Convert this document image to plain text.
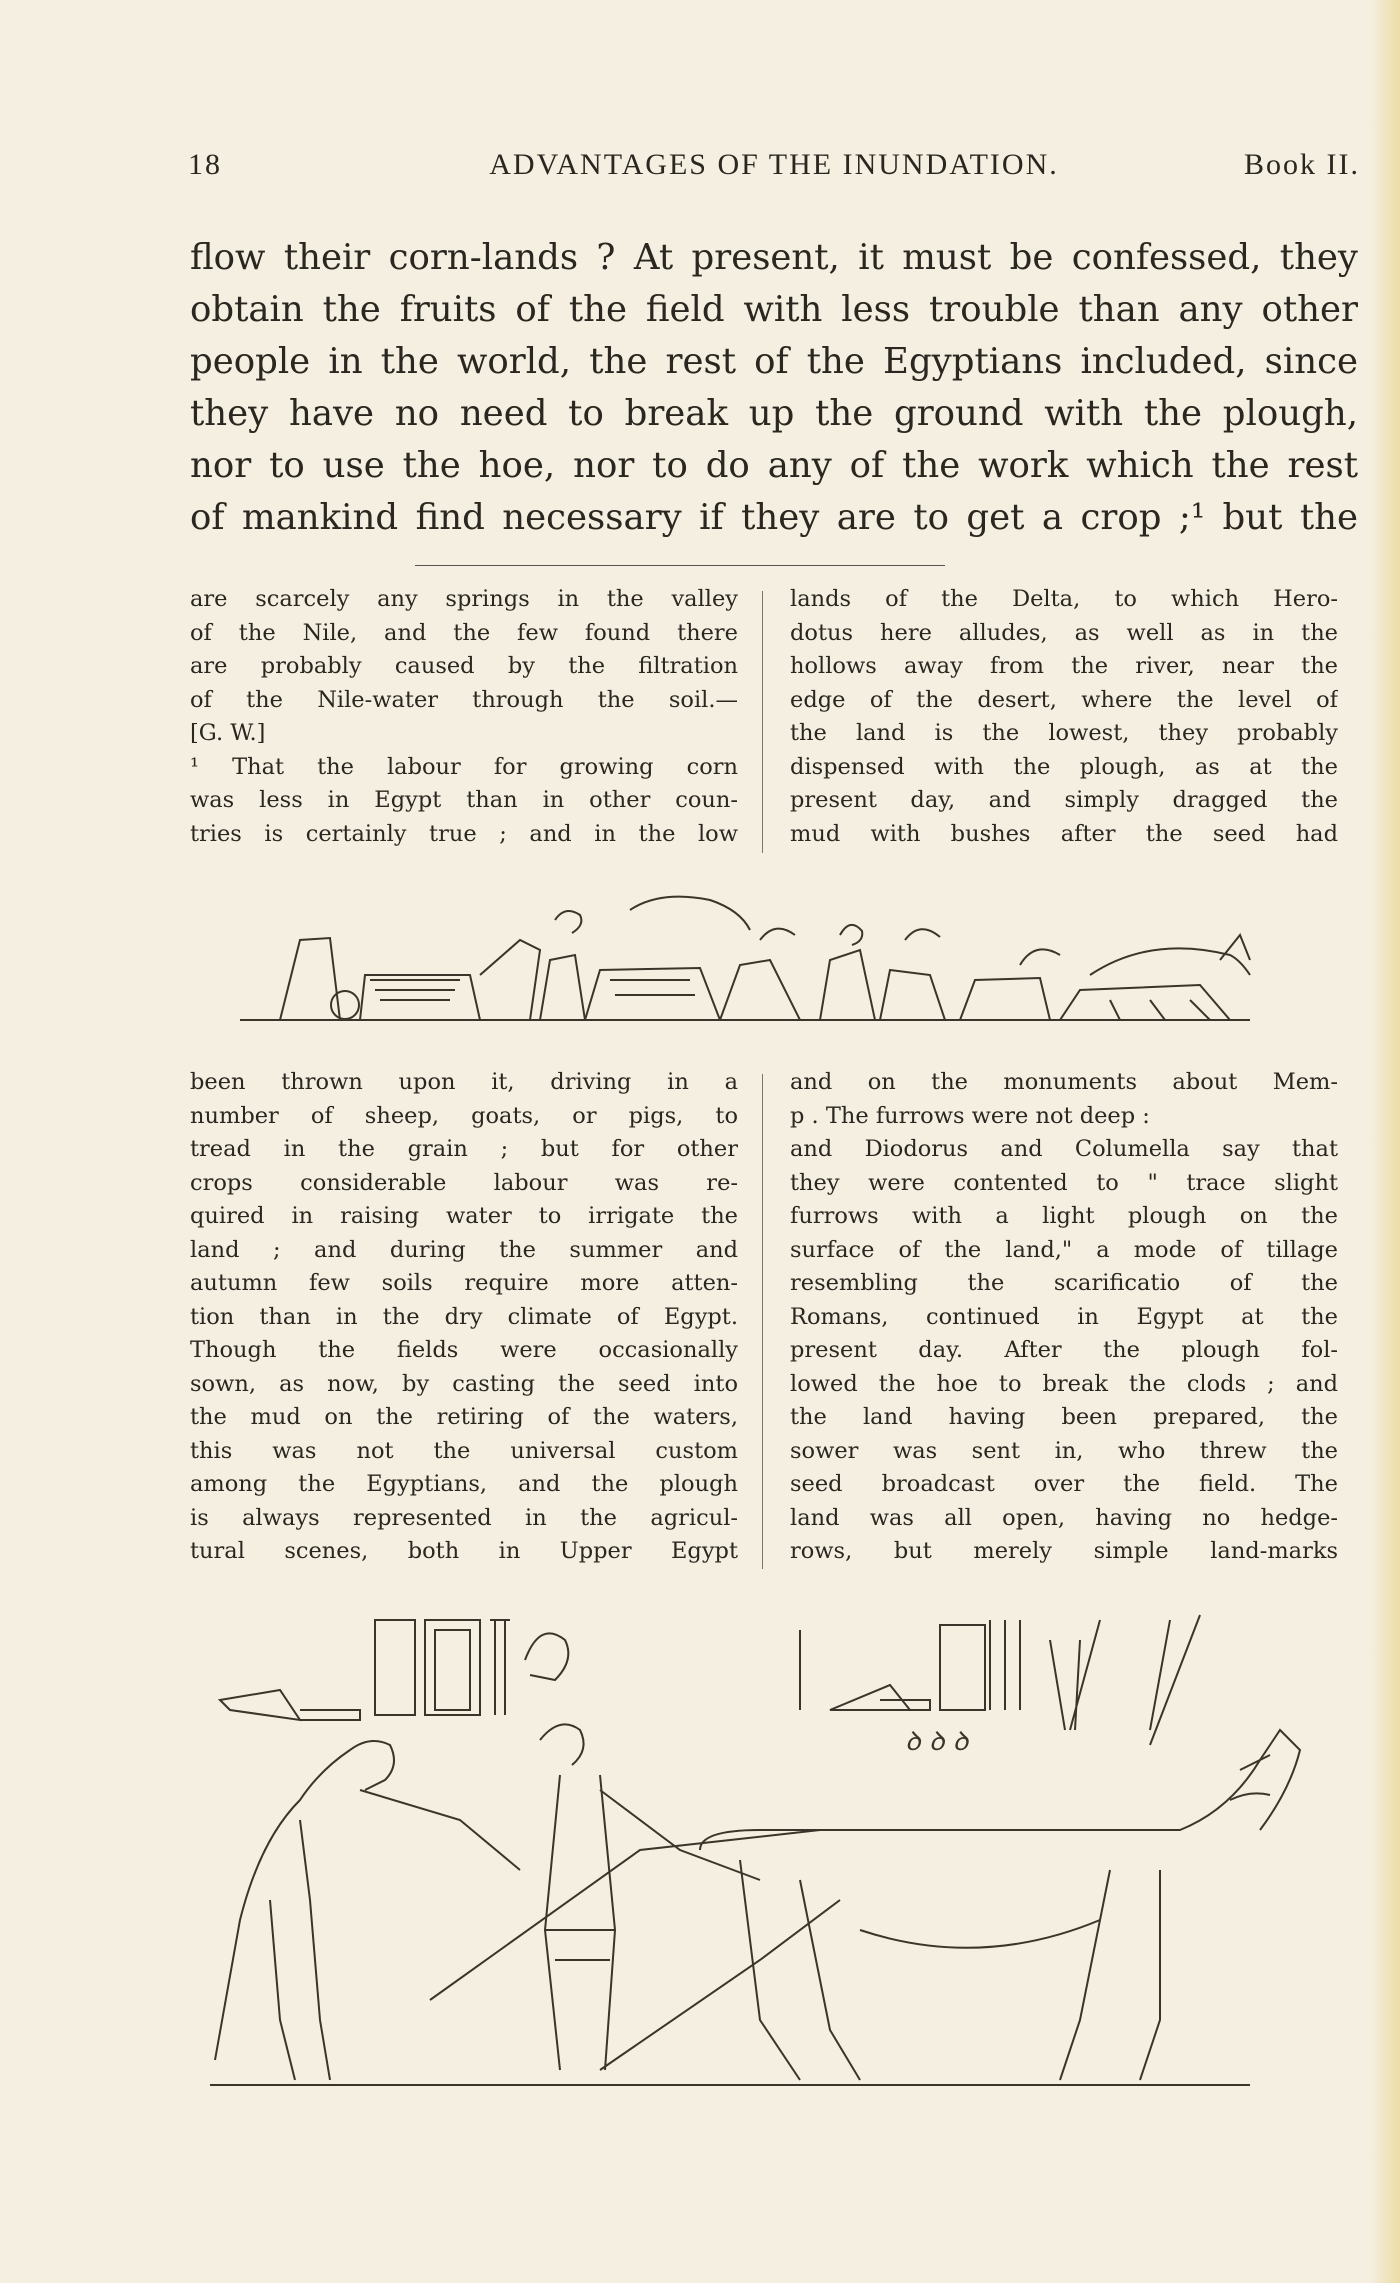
18	ADVANTAGES OF THE INUNDATION.	Book II.

flow their corn-lands ? At present, it must be confessed, they

obtain the fruits of the field with less trouble than any other

people in the world, the rest of the Egyptians included, since

they have no need to break up the ground with the plough,

nor to use the hoe, nor to do any of the work which the rest

of mankind find necessary if they are to get a crop ;¹ but the

are scarcely any springs in the valley
of the Nile, and the few found there
are probably caused by the filtration
of the Nile-water through the soil.—
[G. W.]
¹ That the labour for growing corn
was less in Egypt than in other coun-
tries is certainly true ; and in the low
lands of the Delta, to which Hero-
dotus here alludes, as well as in the
hollows away from the river, near the
edge of the desert, where the level of
the land is the lowest, they probably
dispensed with the plough, as at the
present day, and simply dragged the
mud with bushes after the seed had
been thrown upon it, driving in a
number of sheep, goats, or pigs, to
tread in the grain ; but for other
crops considerable labour was re-
quired in raising water to irrigate the
land ; and during the summer and
autumn few soils require more atten-
tion than in the dry climate of Egypt.
Though the fields were occasionally
sown, as now, by casting the seed into
the mud on the retiring of the waters,
this was not the universal custom
among the Egyptians, and the plough
is always represented in the agricul-
tural scenes, both in Upper Egypt
and on the monuments about Mem-
p . The furrows were not deep :
and Diodorus and Columella say that
they were contented to " trace slight
furrows with a light plough on the
surface of the land," a mode of tillage
resembling the scarificatio of the
Romans, continued in Egypt at the
present day. After the plough fol-
lowed the hoe to break the clods ; and
the land having been prepared, the
sower was sent in, who threw the
seed broadcast over the field. The
land was all open, having no hedge-
rows, but merely simple land-marks
ꝺ ꝺ ꝺ
